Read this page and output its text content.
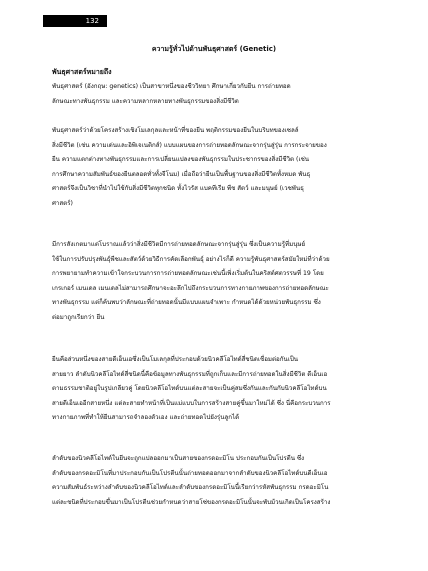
132
ความรู้ทั่วไปด้านพันธุศาสตร์ (Genetic)
พันธุศาสตร์หมายถึง
พันธุศาสตร์ (อังกฤษ: genetics) เป็นสาขาหนึ่งของชีววิทยา ศึกษาเกี่ยวกับยีน การถ่ายทอด
ลักษณะทางพันธุกรรม และความหลากหลายทางพันธุกรรมของสิ่งมีชีวิต
พันธุศาสตร์ว่าด้วยโครงสร้างเชิงโมเลกุลและหน้าที่ของยีน พฤติกรรมของยีนในบริบทของเซลล์
สิ่งมีชีวิต (เช่น ความเด่นและอิพิเจเนติกส์) แบบแผนของการถ่ายทอดลักษณะจากรุ่นสู่รุ่น การกระจายของ
ยีน ความแตกต่างทางพันธุกรรมและการเปลี่ยนแปลงของพันธุกรรมในประชากรของสิ่งมีชีวิต (เช่น
การศึกษาความสัมพันธ์ของยีนตลอดทั่วทั้งจีโนม) เมื่อถือว่ายีนเป็นพื้นฐานของสิ่งมีชีวิตทั้งหมด พันธุ
ศาสตร์จึงเป็นวิชาที่นำไปใช้กับสิ่งมีชีวิตทุกชนิด ทั้งไวรัส แบคทีเรีย พืช สัตว์ และมนุษย์ (เวชพันธุ
ศาสตร์)
มีการสังเกตมาแต่โบราณแล้วว่าสิ่งมีชีวิตมีการถ่ายทอดลักษณะจากรุ่นสู่รุ่น ซึ่งเป็นความรู้ที่มนุษย์
ใช้ในการปรับปรุงพันธุ์พืชและสัตว์ด้วยวิธีการคัดเลือกพันธุ์ อย่างไรก็ดี ความรู้พันธุศาสตร์สมัยใหม่ที่ว่าด้วย
การพยายามทำความเข้าใจกระบวนการการถ่ายทอดลักษณะเช่นนี้เพิ่งเริ่มต้นในคริสต์ศตวรรษที่ 19 โดย
เกรเกอร์ เมนเดล เมนเดลไม่สามารถศึกษาจะอะลึกไปถึงกระบวนการทางกายภาพของการถ่ายทอดลักษณะ
ทางพันธุกรรม แต่ก็ค้นพบว่าลักษณะที่ถ่ายทอดนั้นมีแบบแผนจำเพาะ กำหนดได้ด้วยหน่วยพันธุกรรม ซึ่ง
ต่อมาถูกเรียกว่า ยีน
ยีนคือส่วนหนึ่งของสายดีเอ็นเอซึ่งเป็นโมเลกุลที่ประกอบด้วยนิวคลีโอไทด์สี่ชนิดเชื่อมต่อกันเป็น
สายยาว ลำดับนิวคลีโอไทด์สี่ชนิดนี้คือข้อมูลทางพันธุกรรมที่ถูกเก็บและมีการถ่ายทอดในสิ่งมีชีวิต ดีเอ็นเอ
ตามธรรมชาติอยู่ในรูปเกลียวคู่ โดยนิวคลีโอไทด์บนแต่ละสายจะเป็นคู่สมซึ่งกันและกันกับนิวคลีโอไทด์บน
สายดีเอ็นเออีกสายหนึ่ง แต่ละสายทำหน้าที่เป็นแม่แบบในการสร้างสายคู่ขึ้นมาใหม่ได้ ซึ่ง นี่คือกระบวนการ
ทางกายภาพที่ทำให้ยีนสามารถจำลองตัวเอง และถ่ายทอดไปยังรุ่นลูกได้
ลำดับของนิวคลีโอไทด์ในยีนจะถูกแปลออกมาเป็นสายของกรดอะมิโน ประกอบกันเป็นโปรตีน ซึ่ง
ลำดับของกรดอะมิโนที่มาประกอบกันเป็นโปรตีนนั้นถ่ายทอดออกมาจากลำดับของนิวคลีโอไทด์บนดีเอ็นเอ
ความสัมพันธ์ระหว่างลำดับของนิวคลีโอไทด์และลำดับของกรดอะมิโนนี้เรียกว่ารหัสพันธุกรรม กรดอะมิโน
แต่ละชนิดที่ประกอบขึ้นมาเป็นโปรตีนช่วยกำหนดว่าสายโซ่ของกรดอะมิโนนั้นจะพับม้วนเกิดเป็นโครงสร้าง
